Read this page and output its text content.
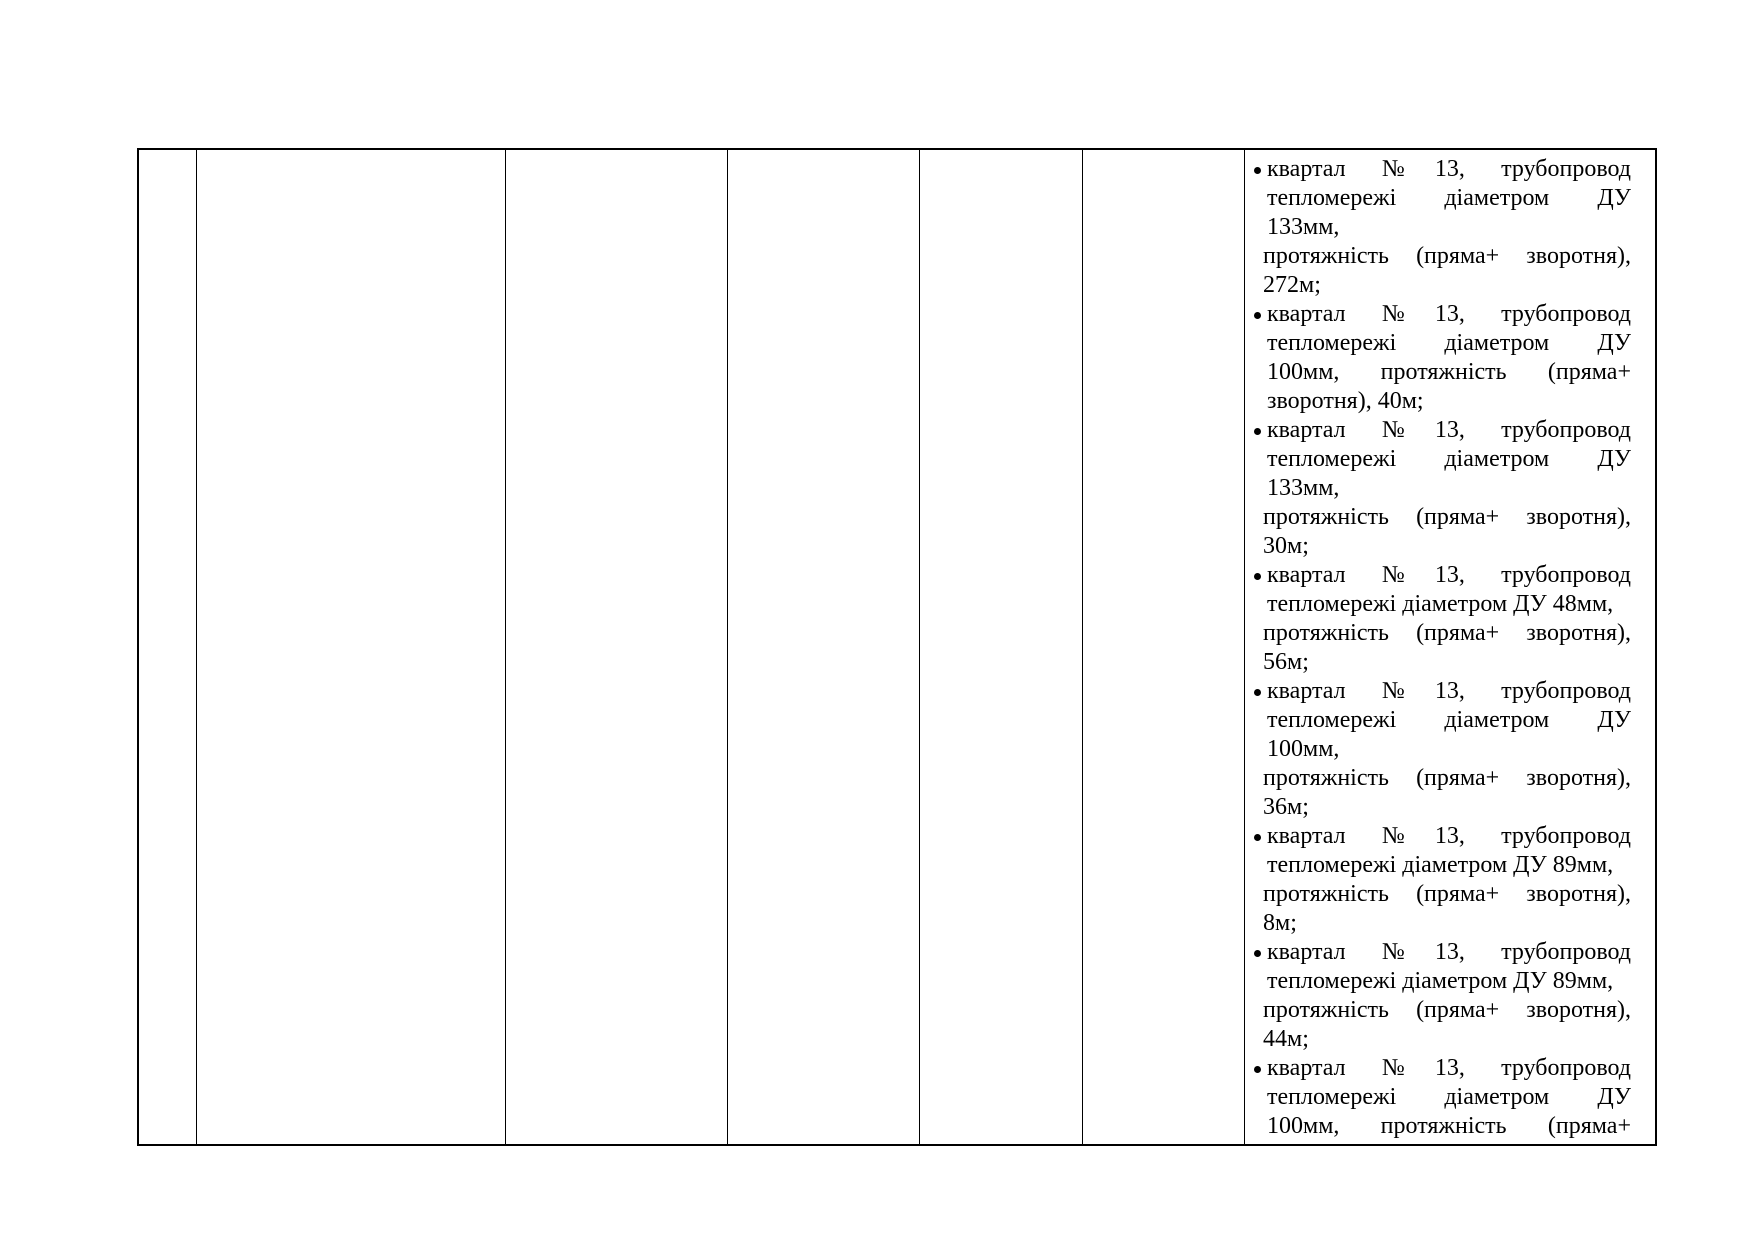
квартал №13, трубопровод
тепломережі діаметром ДУ
133мм,
протяжність (пряма+ зворотня),
272м;
квартал №13, трубопровод
тепломережі діаметром ДУ
100мм, протяжність (пряма+
зворотня), 40м;
квартал №13, трубопровод
тепломережі діаметром ДУ
133мм,
протяжність (пряма+ зворотня),
30м;
квартал №13, трубопровод
тепломережі діаметром ДУ 48мм,
протяжність (пряма+ зворотня),
56м;
квартал №13, трубопровод
тепломережі діаметром ДУ
100мм,
протяжність (пряма+ зворотня),
36м;
квартал №13, трубопровод
тепломережі діаметром ДУ 89мм,
протяжність (пряма+ зворотня),
8м;
квартал №13, трубопровод
тепломережі діаметром ДУ 89мм,
протяжність (пряма+ зворотня),
44м;
квартал №13, трубопровод
тепломережі діаметром ДУ
100мм, протяжність (пряма+
